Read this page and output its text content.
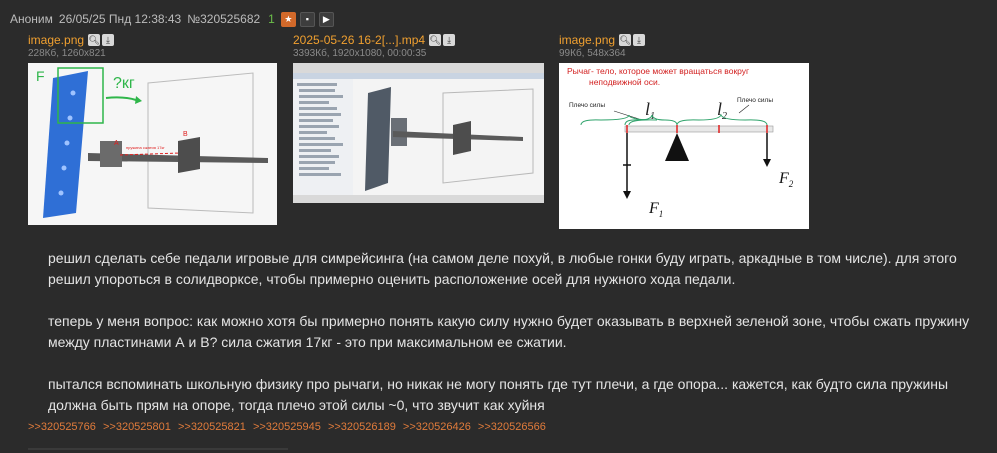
Аноним 26/05/25 Пнд 12:38:43 №320525682 1	★	▪	▶
image.png 🔍︎ ⤓
228Кб, 1260x821
F	?кг
A
B
пружина сжатия 17кг
2025-05-26 16-2[...].mp4 🔍︎ ⤓
3393Кб, 1920x1080, 00:00:35
image.png 🔍︎ ⤓
99Кб, 548x364
Рычаг- тело, которое может вращаться вокруг неподвижной оси.
Плечо силы
Плечо силы
$l_1$	$l_2$
$F_1$
$F_2$

решил сделать себе педали игровые для симрейсинга (на самом деле похуй, в любые гонки буду играть, аркадные в том числе). для этого решил упороться в солидворксе, чтобы примерно оценить расположение осей для нужного хода педали.

теперь у меня вопрос: как можно хотя бы примерно понять какую силу нужно будет оказывать в верхней зеленой зоне, чтобы сжать пружину между пластинами А и В? сила сжатия 17кг - это при максимальном ее сжатии.

пытался вспоминать школьную физику про рычаги, но никак не могу понять где тут плечи, а где опора... кажется, как будто сила пружины должна быть прям на опоре, тогда плечо этой силы ~0, что звучит как хуйня

>>320525766 >>320525801 >>320525821 >>320525945 >>320526189 >>320526426 >>320526566
